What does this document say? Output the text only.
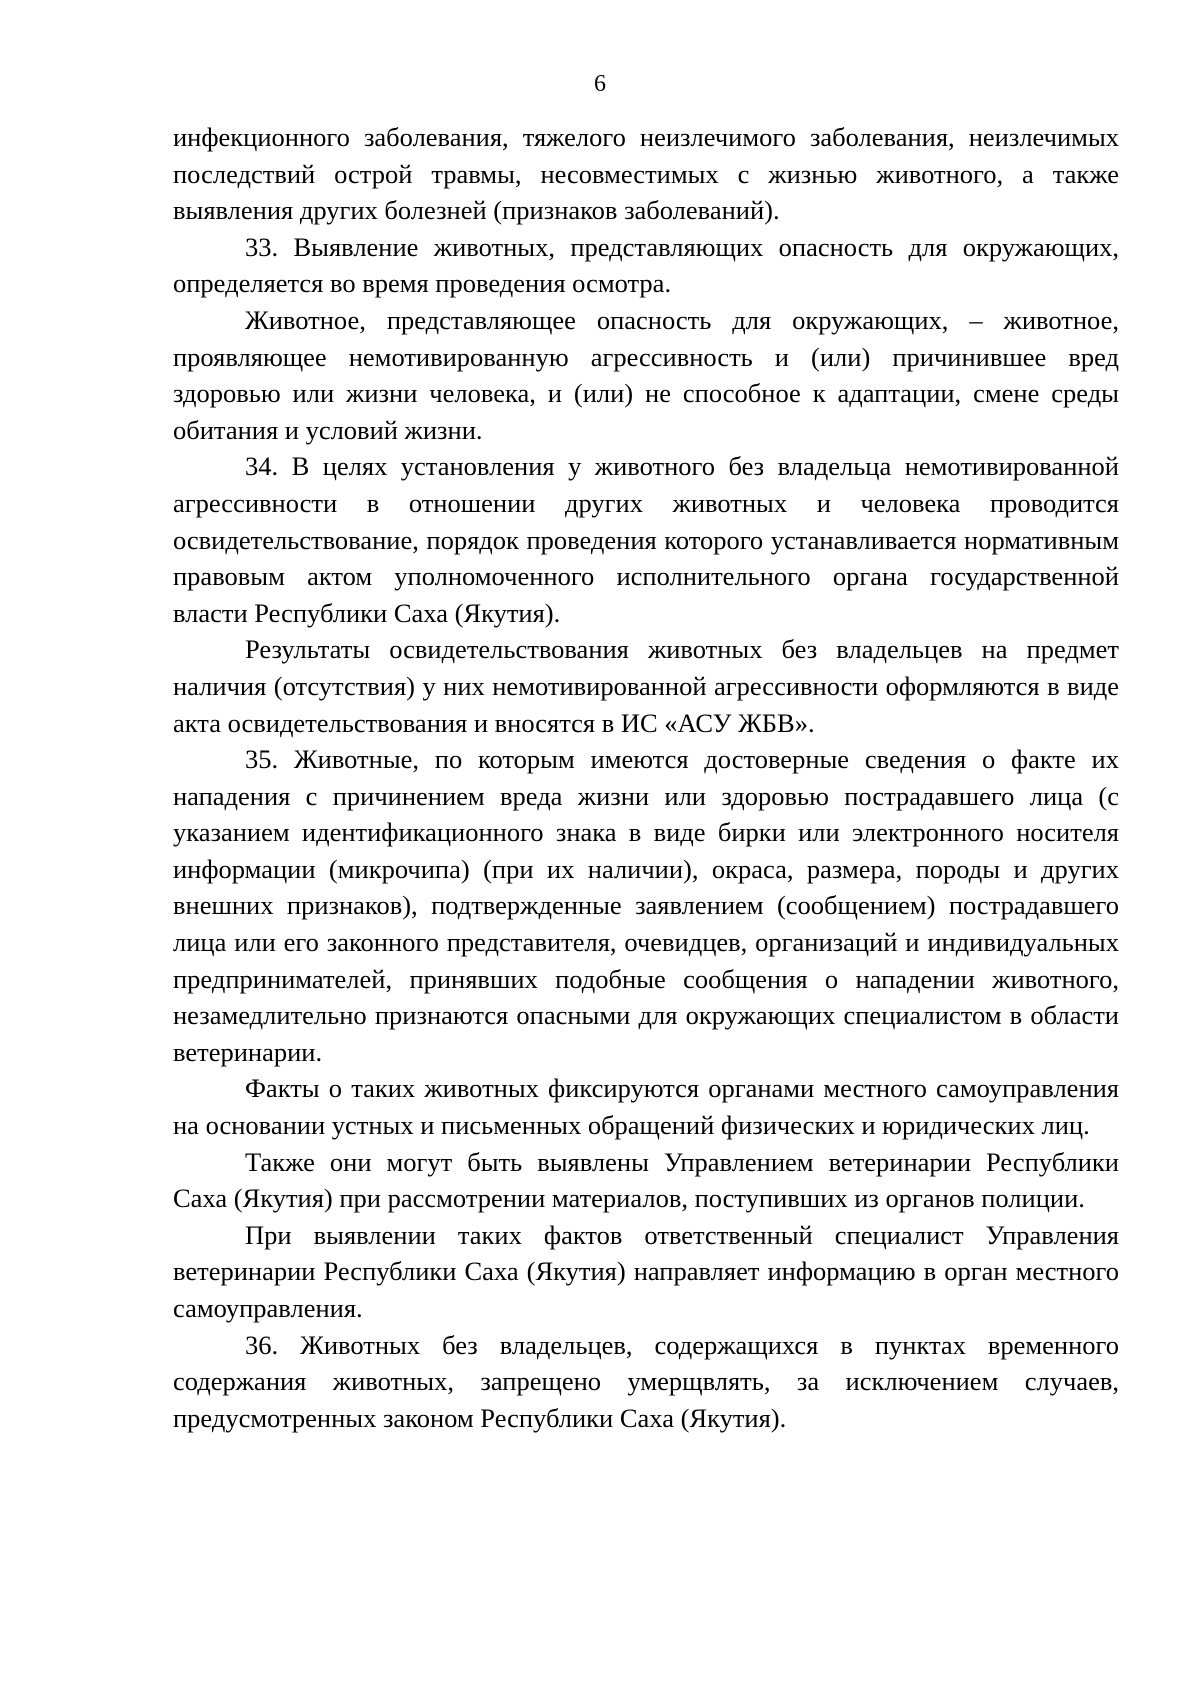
6

инфекционного заболевания, тяжелого неизлечимого заболевания, неизлечимых последствий острой травмы, несовместимых с жизнью животного, а также выявления других болезней (признаков заболеваний).

33. Выявление животных, представляющих опасность для окружающих, определяется во время проведения осмотра.

Животное, представляющее опасность для окружающих, – животное, проявляющее немотивированную агрессивность и (или) причинившее вред здоровью или жизни человека, и (или) не способное к адаптации, смене среды обитания и условий жизни.

34. В целях установления у животного без владельца немотивированной агрессивности в отношении других животных и человека проводится освидетельствование, порядок проведения которого устанавливается нормативным правовым актом уполномоченного исполнительного органа государственной власти Республики Саха (Якутия).

Результаты освидетельствования животных без владельцев на предмет наличия (отсутствия) у них немотивированной агрессивности оформляются в виде акта освидетельствования и вносятся в ИС «АСУ ЖБВ».

35. Животные, по которым имеются достоверные сведения о факте их нападения с причинением вреда жизни или здоровью пострадавшего лица (с указанием идентификационного знака в виде бирки или электронного носителя информации (микрочипа) (при их наличии), окраса, размера, породы и других внешних признаков), подтвержденные заявлением (сообщением) пострадавшего лица или его законного представителя, очевидцев, организаций и индивидуальных предпринимателей, принявших подобные сообщения о нападении животного, незамедлительно признаются опасными для окружающих специалистом в области ветеринарии.

Факты о таких животных фиксируются органами местного самоуправления на основании устных и письменных обращений физических и юридических лиц.

Также они могут быть выявлены Управлением ветеринарии Республики Саха (Якутия) при рассмотрении материалов, поступивших из органов полиции.

При выявлении таких фактов ответственный специалист Управления ветеринарии Республики Саха (Якутия) направляет информацию в орган местного самоуправления.

36. Животных без владельцев, содержащихся в пунктах временного содержания животных, запрещено умерщвлять, за исключением случаев, предусмотренных законом Республики Саха (Якутия).
